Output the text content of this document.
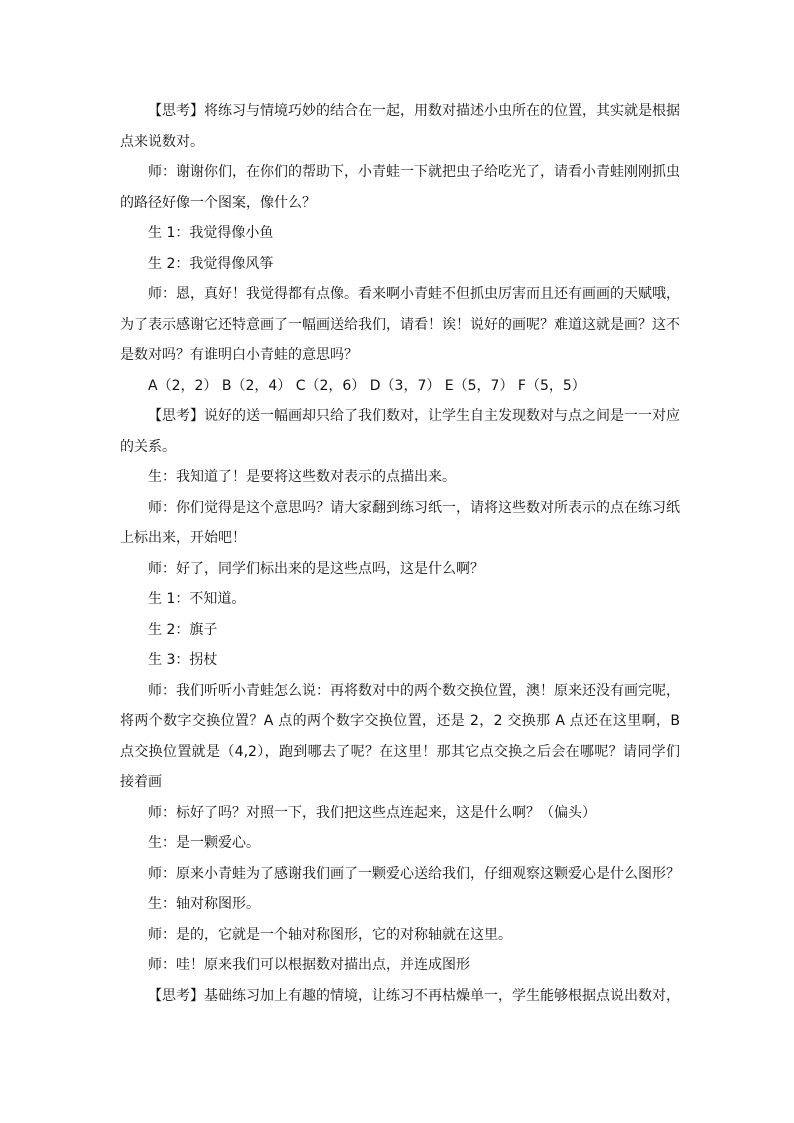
【思考】将练习与情境巧妙的结合在一起，用数对描述小虫所在的位置，其实就是根据点来说数对。

师：谢谢你们，在你们的帮助下，小青蛙一下就把虫子给吃光了，请看小青蛙刚刚抓虫的路径好像一个图案，像什么？

生 1：我觉得像小鱼

生 2：我觉得像风筝

师：恩，真好！我觉得都有点像。看来啊小青蛙不但抓虫厉害而且还有画画的天赋哦，为了表示感谢它还特意画了一幅画送给我们，请看！诶！说好的画呢？难道这就是画？这不是数对吗？有谁明白小青蛙的意思吗？

A（2，2） B（2，4） C（2，6） D（3，7） E（5，7） F（5，5）

【思考】说好的送一幅画却只给了我们数对，让学生自主发现数对与点之间是一一对应的关系。

生：我知道了！是要将这些数对表示的点描出来。

师：你们觉得是这个意思吗？请大家翻到练习纸一，请将这些数对所表示的点在练习纸上标出来，开始吧！

师：好了，同学们标出来的是这些点吗，这是什么啊？

生 1：不知道。

生 2：旗子

生 3：拐杖

师：我们听听小青蛙怎么说：再将数对中的两个数交换位置，澳！原来还没有画完呢，将两个数字交换位置？A 点的两个数字交换位置，还是 2，2 交换那 A 点还在这里啊，B 点交换位置就是（4,2），跑到哪去了呢？在这里！那其它点交换之后会在哪呢？请同学们接着画

师：标好了吗？对照一下，我们把这些点连起来，这是什么啊？（偏头）

生：是一颗爱心。

师：原来小青蛙为了感谢我们画了一颗爱心送给我们，仔细观察这颗爱心是什么图形？

生：轴对称图形。

师：是的，它就是一个轴对称图形，它的对称轴就在这里。

师：哇！原来我们可以根据数对描出点，并连成图形

【思考】基础练习加上有趣的情境，让练习不再枯燥单一，学生能够根据点说出数对，
